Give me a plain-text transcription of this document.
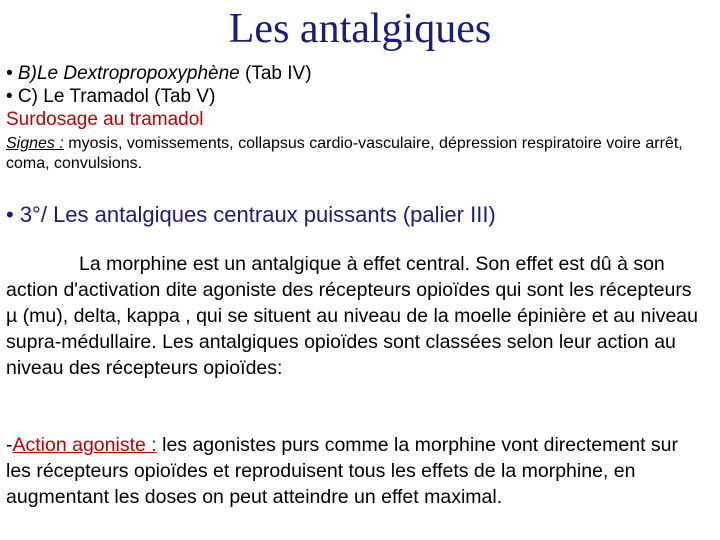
Les antalgiques
• B)Le Dextropropoxyphène (Tab IV)
• C) Le Tramadol (Tab V)
Surdosage au tramadol
Signes : myosis, vomissements, collapsus cardio-vasculaire, dépression respiratoire voire arrêt, coma, convulsions.
• 3°/ Les antalgiques centraux puissants (palier III)
La morphine est un antalgique à effet central. Son effet est dû à son action d'activation dite agoniste des récepteurs opioïdes qui sont les récepteurs µ (mu), delta, kappa , qui se situent au niveau de la moelle épinière et au niveau supra-médullaire. Les antalgiques opioïdes sont classées selon leur action au niveau des récepteurs opioïdes:
-Action agoniste : les agonistes purs comme la morphine vont directement sur les récepteurs opioïdes et reproduisent tous les effets de la morphine, en augmentant les doses on peut atteindre un effet maximal.
